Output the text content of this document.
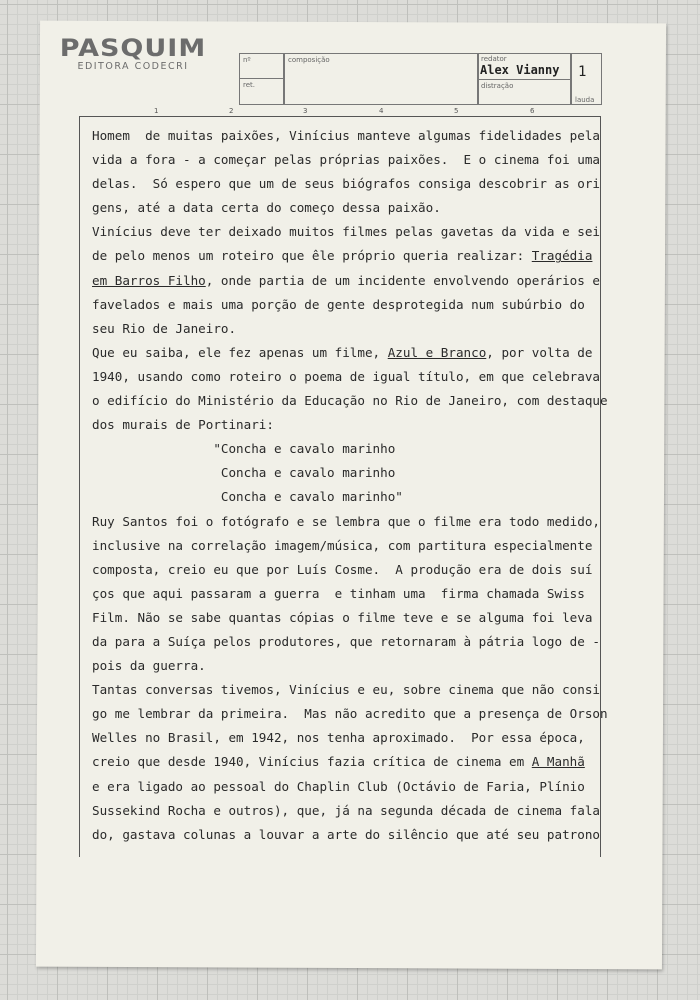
PASQUIM
EDITORA CODECRI
nº
ret.
composição	redator
Alex Vianny
distração
1
lauda
1	2	3	4	5	6

Homem  de muitas paixões, Vinícius manteve algumas fidelidades pela

vida a fora - a começar pelas próprias paixões.  E o cinema foi uma

delas.  Só espero que um de seus biógrafos consiga descobrir as ori

gens, até a data certa do começo dessa paixão.

Vinícius deve ter deixado muitos filmes pelas gavetas da vida e sei

de pelo menos um roteiro que êle próprio queria realizar: Tragédia

em Barros Filho, onde partia de um incidente envolvendo operários e

favelados e mais uma porção de gente desprotegida num subúrbio do

seu Rio de Janeiro.

Que eu saiba, ele fez apenas um filme, Azul e Branco, por volta de

1940, usando como roteiro o poema de igual título, em que celebrava

o edifício do Ministério da Educação no Rio de Janeiro, com destaque

dos murais de Portinari:

"Concha e cavalo marinho

Concha e cavalo marinho

Concha e cavalo marinho"

Ruy Santos foi o fotógrafo e se lembra que o filme era todo medido,

inclusive na correlação imagem/música, com partitura especialmente

composta, creio eu que por Luís Cosme.  A produção era de dois suí

ços que aqui passaram a guerra  e tinham uma  firma chamada Swiss

Film. Não se sabe quantas cópias o filme teve e se alguma foi leva

da para a Suíça pelos produtores, que retornaram à pátria logo de -

pois da guerra.

Tantas conversas tivemos, Vinícius e eu, sobre cinema que não consi

go me lembrar da primeira.  Mas não acredito que a presença de Orson

Welles no Brasil, em 1942, nos tenha aproximado.  Por essa época,

creio que desde 1940, Vinícius fazia crítica de cinema em A Manhã

e era ligado ao pessoal do Chaplin Club (Octávio de Faria, Plínio

Sussekind Rocha e outros), que, já na segunda década de cinema fala

do, gastava colunas a louvar a arte do silêncio que até seu patrono
